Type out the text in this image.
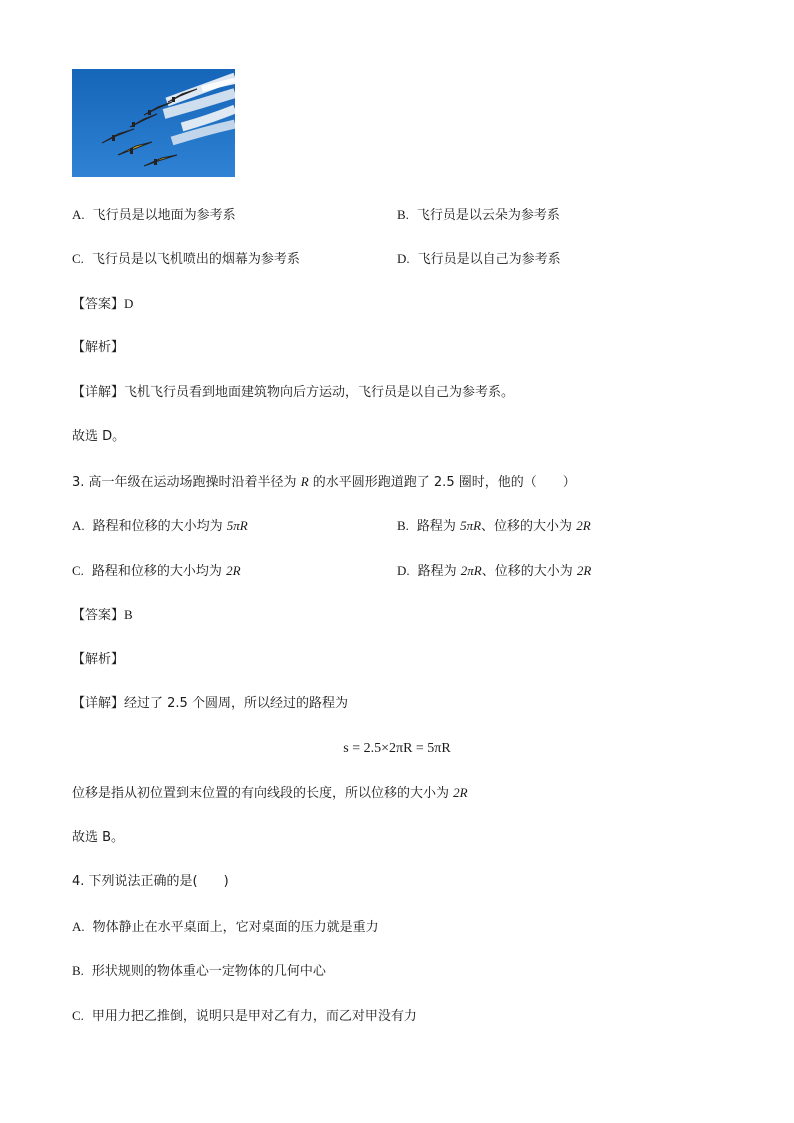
A. 飞行员是以地面为参考系	B. 飞行员是以云朵为参考系
C. 飞行员是以飞机喷出的烟幕为参考系	D. 飞行员是以自己为参考系
【答案】D
【解析】
【详解】飞机飞行员看到地面建筑物向后方运动，飞行员是以自己为参考系。
故选 D。
3. 高一年级在运动场跑操时沿着半径为 R 的水平圆形跑道跑了 2.5 圈时，他的（　　）
A. 路程和位移的大小均为 5πR	B. 路程为 5πR、位移的大小为 2R
C. 路程和位移的大小均为 2R	D. 路程为 2πR、位移的大小为 2R
【答案】B
【解析】
【详解】经过了 2.5 个圆周，所以经过的路程为
s = 2.5×2πR = 5πR
位移是指从初位置到末位置的有向线段的长度，所以位移的大小为 2R
故选 B。
4. 下列说法正确的是(　　)
A. 物体静止在水平桌面上，它对桌面的压力就是重力
B. 形状规则的物体重心一定物体的几何中心
C. 甲用力把乙推倒，说明只是甲对乙有力，而乙对甲没有力
